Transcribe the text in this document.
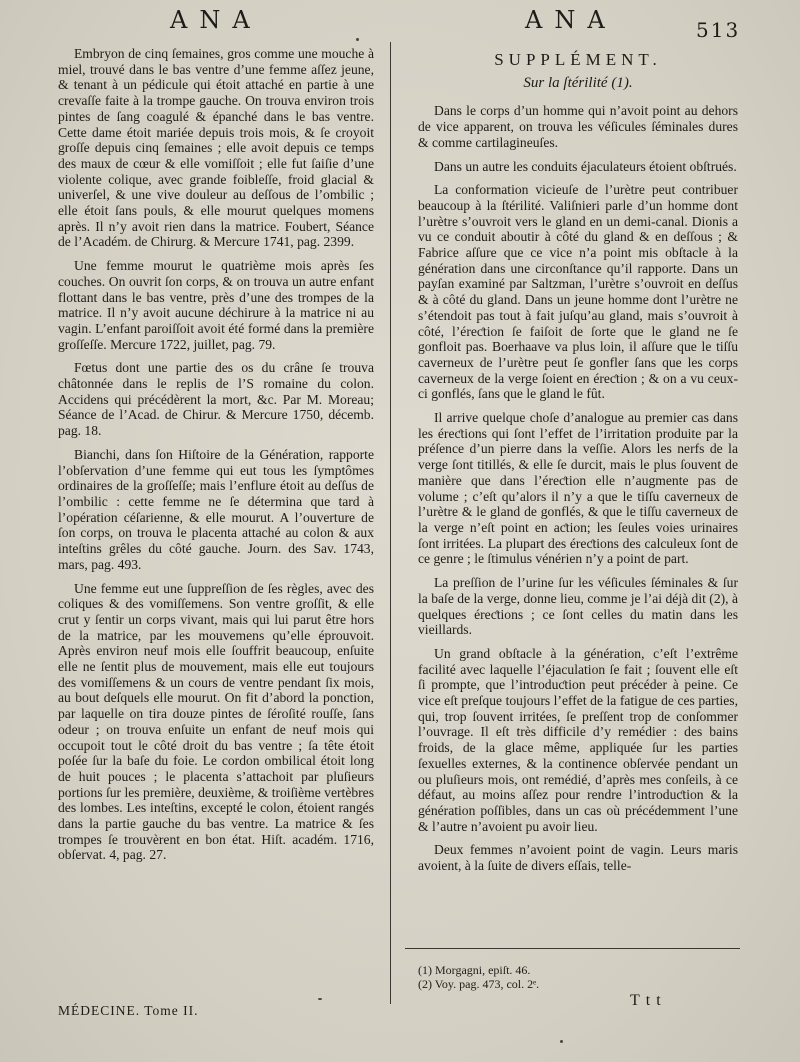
ANA	ANA	513

Embryon de cinq ſemaines, gros comme une mouche à miel, trouvé dans le bas ventre d’une femme aſſez jeune, & tenant à un pédicule qui étoit attaché en partie à une crevaſſe faite à la trompe gauche. On trouva environ trois pintes de ſang coagulé & épanché dans le bas ventre. Cette dame étoit mariée depuis trois mois, & ſe croyoit groſſe depuis cinq ſemaines ; elle avoit depuis ce temps des maux de cœur & elle vomiſſoit ; elle fut ſaiſie d’une violente colique, avec grande foibleſſe, froid glacial & univerſel, & une vive douleur au deſſous de l’ombilic ; elle étoit ſans pouls, & elle mourut quelques momens après. Il n’y avoit rien dans la matrice. Foubert, Séance de l’Académ. de Chirurg. & Mercure 1741, pag. 2399.

Une femme mourut le quatrième mois après ſes couches. On ouvrit ſon corps, & on trouva un autre enfant flottant dans le bas ventre, près d’une des trompes de la matrice. Il n’y avoit aucune déchirure à la matrice ni au vagin. L’enfant paroiſſoit avoit été formé dans la première groſſeſſe. Mercure 1722, juillet, pag. 79.

Fœtus dont une partie des os du crâne ſe trouva châtonnée dans le replis de l’S romaine du colon. Accidens qui précédèrent la mort, &c. Par M. Moreau; Séance de l’Acad. de Chirur. & Mercure 1750, décemb. pag. 18.

Bianchi, dans ſon Hiſtoire de la Génération, rapporte l’obſervation d’une femme qui eut tous les ſymptômes ordinaires de la groſſeſſe; mais l’enflure étoit au deſſus de l’ombilic : cette femme ne ſe détermina que tard à l’opération céſarienne, & elle mourut. A l’ouverture de ſon corps, on trouva le placenta attaché au colon & aux inteſtins grêles du côté gauche. Journ. des Sav. 1743, mars, pag. 493.

Une femme eut une ſuppreſſion de ſes règles, avec des coliques & des vomiſſemens. Son ventre groſſit, & elle crut y ſentir un corps vivant, mais qui lui parut être hors de la matrice, par les mouvemens qu’elle éprouvoit. Après environ neuf mois elle ſouffrit beaucoup, enſuite elle ne ſentit plus de mouvement, mais elle eut toujours des vomiſſemens & un cours de ventre pendant ſix mois, au bout deſquels elle mourut. On fit d’abord la ponction, par laquelle on tira douze pintes de ſéroſité rouſſe, ſans odeur ; on trouva enſuite un enfant de neuf mois qui occupoit tout le côté droit du bas ventre ; ſa tête étoit poſée ſur la baſe du foie. Le cordon ombilical étoit long de huit pouces ; le placenta s’attachoit par pluſieurs portions ſur les première, deuxième, & troiſième vertèbres des lombes. Les inteſtins, excepté le colon, étoient rangés dans la partie gauche du bas ventre. La matrice & ſes trompes ſe trouvèrent en bon état. Hiſt. académ. 1716, obſervat. 4, pag. 27.

SUPPLÉMENT.
Sur la ſtérilité (1).

Dans le corps d’un homme qui n’avoit point au dehors de vice apparent, on trouva les véſicules ſéminales dures & comme cartilagineuſes.

Dans un autre les conduits éjaculateurs étoient obſtrués.

La conformation vicieuſe de l’urètre peut contribuer beaucoup à la ſtérilité. Valiſnieri parle d’un homme dont l’urètre s’ouvroit vers le gland en un demi-canal. Dionis a vu ce conduit aboutir à côté du gland & en deſſous ; & Fabrice aſſure que ce vice n’a point mis obſtacle à la génération dans une circonſtance qu’il rapporte. Dans un payſan examiné par Saltzman, l’urètre s’ouvroit en deſſus & à côté du gland. Dans un jeune homme dont l’urètre ne s’étendoit pas tout à fait juſqu’au gland, mais s’ouvroit à côté, l’éreƈtion ſe faiſoit de ſorte que le gland ne ſe gonfloit pas. Boerhaave va plus loin, il aſſure que le tiſſu caverneux de l’urètre peut ſe gonfler ſans que les corps caverneux de la verge ſoient en éreƈtion ; & on a vu ceux-ci gonflés, ſans que le gland le fût.

Il arrive quelque choſe d’analogue au premier cas dans les éreƈtions qui ſont l’effet de l’irritation produite par la préſence d’un pierre dans la veſſie. Alors les nerfs de la verge ſont titillés, & elle ſe durcit, mais le plus ſouvent de manière que dans l’éreƈtion elle n’augmente pas de volume ; c’eſt qu’alors il n’y a que le tiſſu caverneux de l’urètre & le gland de gonflés, & que le tiſſu caverneux de la verge n’eſt point en aƈtion; les ſeules voies urinaires ſont irritées. La plupart des éreƈtions des calculeux ſont de ce genre ; le ſtimulus vénérien n’y a point de part.

La preſſion de l’urine ſur les véſicules ſéminales & ſur la baſe de la verge, donne lieu, comme je l’ai déjà dit (2), à quelques éreƈtions ; ce ſont celles du matin dans les vieillards.

Un grand obſtacle à la génération, c’eſt l’extrême facilité avec laquelle l’éjaculation ſe fait ; ſouvent elle eſt ſi prompte, que l’introduƈtion peut précéder à peine. Ce vice eſt preſque toujours l’effet de la fatigue de ces parties, qui, trop ſouvent irritées, ſe preſſent trop de conſommer l’ouvrage. Il eſt très difficile d’y remédier : des bains froids, de la glace même, appliquée ſur les parties ſexuelles externes, & la continence obſervée pendant un ou pluſieurs mois, ont remédié, d’après mes conſeils, à ce défaut, au moins aſſez pour rendre l’introduƈtion & la génération poſſibles, dans un cas où précédemment l’une & l’autre n’avoient pu avoir lieu.

Deux femmes n’avoient point de vagin. Leurs maris avoient, à la ſuite de divers eſſais, telle-

(1) Morgagni, epiſt. 46.
(2) Voy. pag. 473, col. 2ᵉ.
MÉDECINE. Tome II.
Ttt
